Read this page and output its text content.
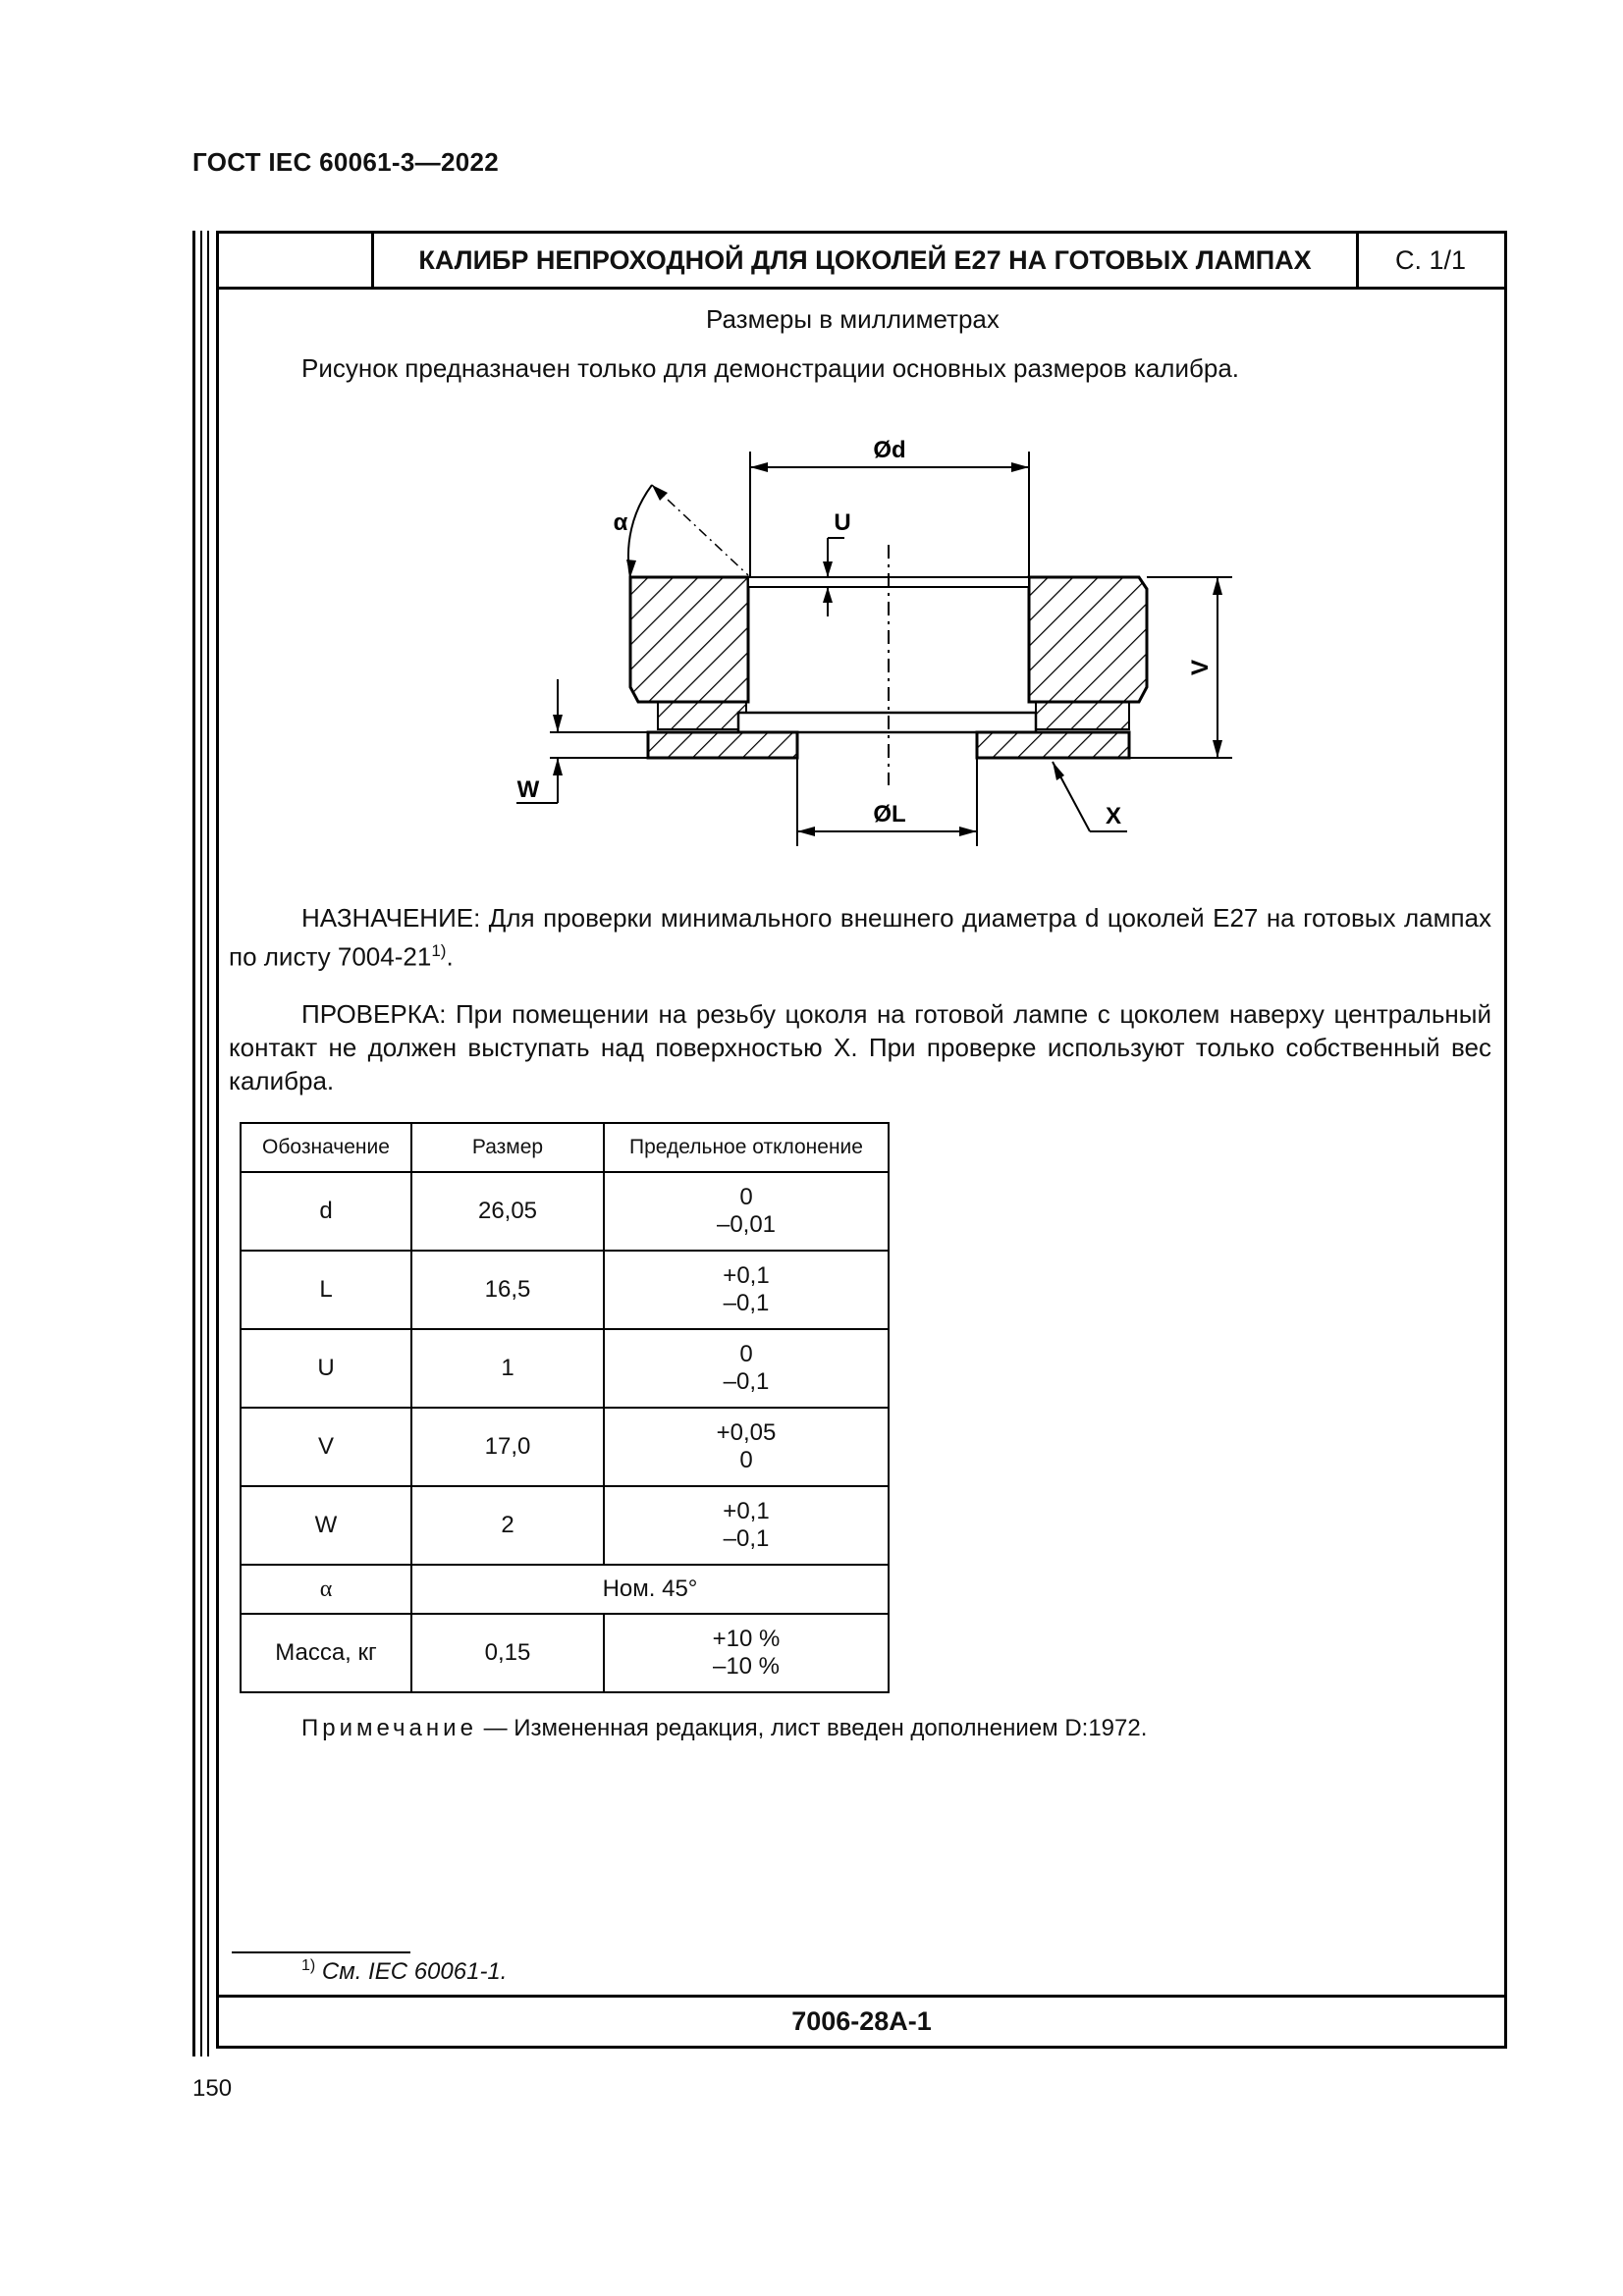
ГОСТ IEC 60061-3—2022
КАЛИБР НЕПРОХОДНОЙ ДЛЯ ЦОКОЛЕЙ Е27 НА ГОТОВЫХ ЛАМПАХ	С. 1/1
7006-28A-1
Размеры в миллиметрах
Рисунок предназначен только для демонстрации основных размеров калибра.
Ød
U
α
V
W
ØL	X
НАЗНАЧЕНИЕ: Для проверки минимального внешнего диаметра d цоколей Е27 на готовых лампах по листу 7004-21$^{1)}$.
ПРОВЕРКА: При помещении на резьбу цоколя на готовой лампе с цоколем наверху центральный контакт не должен выступать над поверхностью X. При проверке используют только собственный вес калибра.
Обозначение	Размер	Предельное отклонение
d	26,05	0
–0,01

L	16,5	+0,1
–0,1

U	1	0
–0,1

V	17,0	+0,05
0

W	2	+0,1
–0,1

α	Ном. 45°	
Масса, кг	0,15	+10 %
–10 %
Примечание — Измененная редакция, лист введен дополнением D:1972.
$^{1)}$ См. IEC 60061-1.
150
